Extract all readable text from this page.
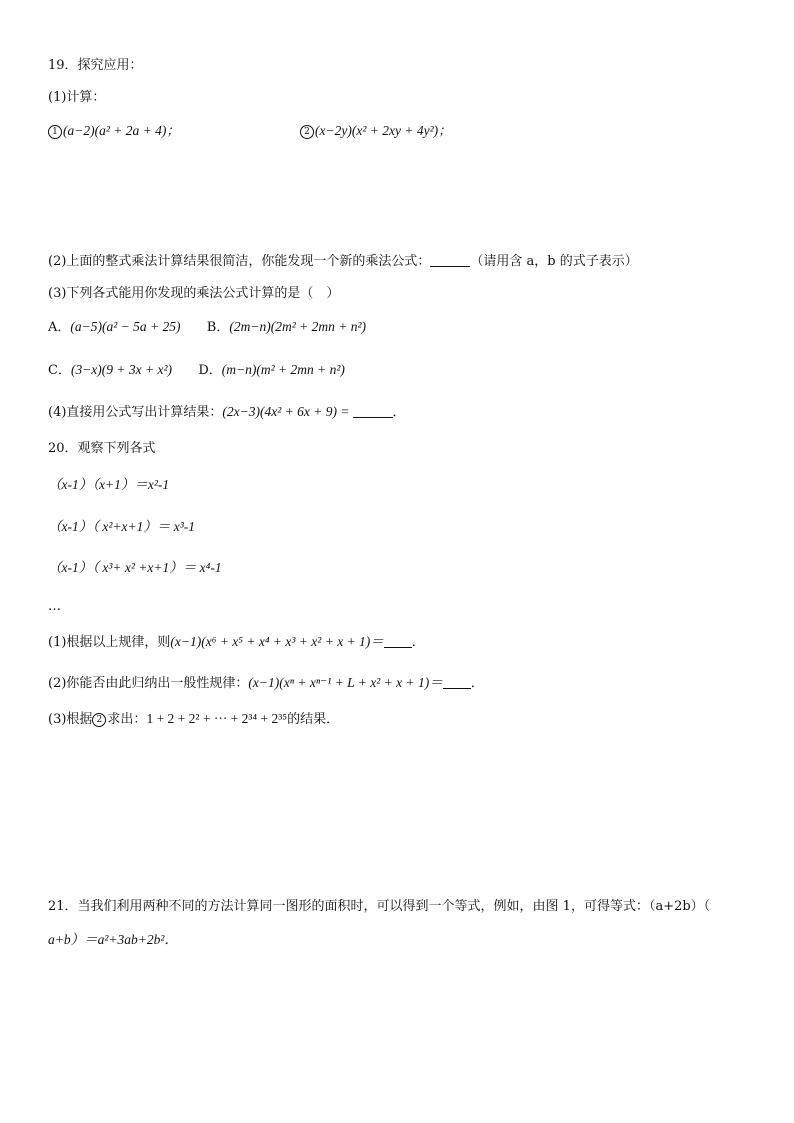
19．探究应用：
(1)计算：
1 (a−2)(a² + 2a + 4)；	2 (x−2y)(x² + 2xy + 4y²)；
(2)上面的整式乘法计算结果很简洁，你能发现一个新的乘法公式：	（请用含 a，b 的式子表示）
(3)下列各式能用你发现的乘法公式计算的是（　）
A．(a−5)(a² − 5a + 25) B．(2m−n)(2m² + 2mn + n²)
C．(3−x)(9 + 3x + x²) D．(m−n)(m² + 2mn + n²)
(4)直接用公式写出计算结果：(2x−3)(4x² + 6x + 9) =	．
20．观察下列各式
（x-1）（x+1）＝x²-1
（x-1）（ x²+x+1）＝ x³-1
（x-1）（ x³+ x² +x+1）＝ x⁴-1
…
(1)根据以上规律，则(x−1)(x⁶ + x⁵ + x⁴ + x³ + x² + x + 1)＝ ．
(2)你能否由此归纳出一般性规律：(x−1)(xⁿ + xⁿ⁻¹ + L + x² + x + 1)＝ ．
(3)根据 2 求出：1 + 2 + 2² + ··· + 2³⁴ + 2³⁵的结果．
21．当我们利用两种不同的方法计算同一图形的面积时，可以得到一个等式，例如，由图 1，可得等式：（a+2b）（
a+b）＝a²+3ab+2b²．
